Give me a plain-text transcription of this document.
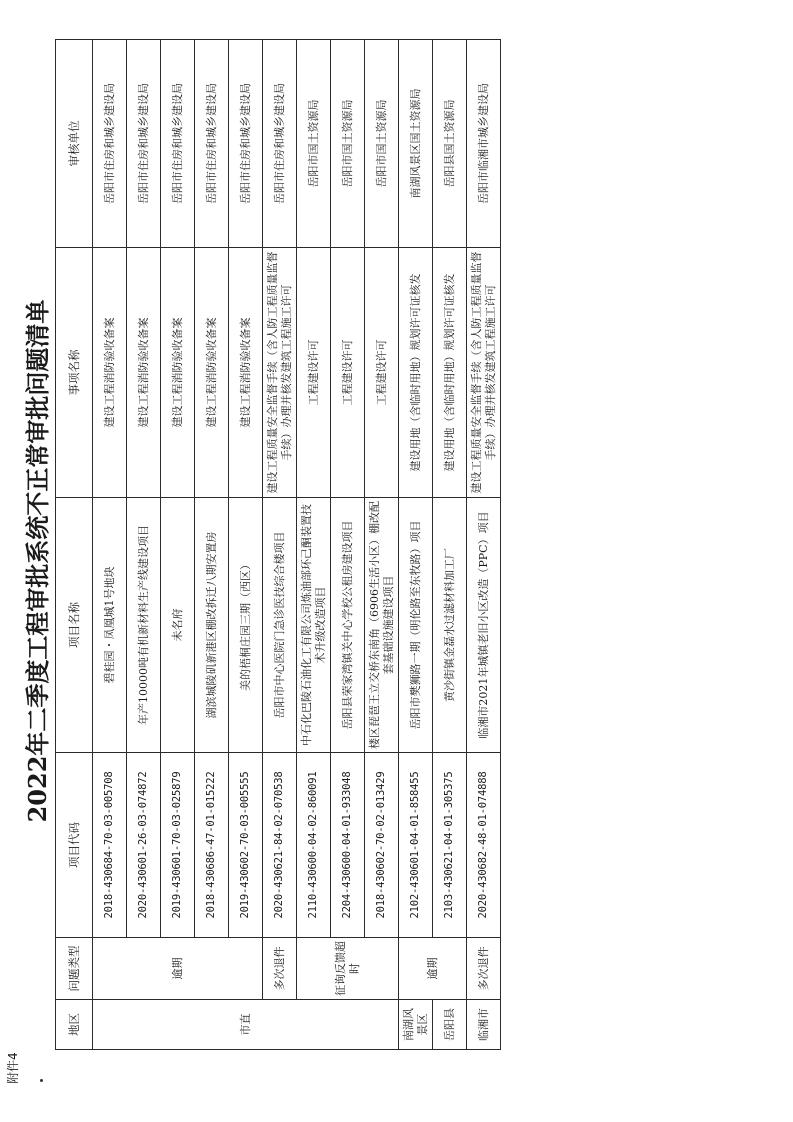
附件4
2022年二季度工程审批系统不正常审批问题清单
地区	问题类型	项目代码	项目名称	事项名称	审核单位
市直	逾期	2018-430684-70-03-005708	碧桂园・凤凰城1号地块	建设工程消防验收备案	岳阳市住房和城乡建设局
		2020-430601-26-03-074872	年产10000吨有机新材料生产线建设项目	建设工程消防验收备案	岳阳市住房和城乡建设局
		2019-430601-70-03-025879	未名府	建设工程消防验收备案	岳阳市住房和城乡建设局
		2018-430686-47-01-015222	湖滨城陵矶新港区棚改拆迁八期安置房	建设工程消防验收备案	岳阳市住房和城乡建设局
		2019-430602-70-03-005555	美的梧桐庄园三期（西区）	建设工程消防验收备案	岳阳市住房和城乡建设局
	多次退件	2020-430621-84-02-070538	岳阳市中心医院门急诊医技综合楼项目	建设工程质量安全监督手续（含人防工程质量监督手续）办理并核发建筑工程施工许可	岳阳市住房和城乡建设局
	征询反馈超时	2110-430600-04-02-860091	中石化巴陵石油化工有限公司炼油部环己酮装置技术升级改造项目	工程建设许可	岳阳市国土资源局
		2204-430600-04-01-933048	岳阳县荣家湾镇关中心学校公租房建设项目	工程建设许可	岳阳市国土资源局
		2018-430602-70-02-013429	楼区琵琶王立交桥东南角（6906生活小区）棚改配套基础设施建设项目	工程建设许可	岳阳市国土资源局
南湖风景区	逾期	2102-430601-04-01-858455	岳阳市樊狮路一期（明伦路至东牧路）项目	建设用地（含临时用地）规划许可证核发	南湖风景区国土资源局
岳阳县		2103-430621-04-01-305375	黄沙街镇金磊水过滤材料加工厂	建设用地（含临时用地）规划许可证核发	岳阳县国土资源局
临湘市	多次退件	2020-430682-48-01-074888	临湘市2021年城镇老旧小区改造（PPC）项目	建设工程质量安全监督手续（含人防工程质量监督手续）办理并核发建筑工程施工许可	岳阳市临湘市城乡建设局
